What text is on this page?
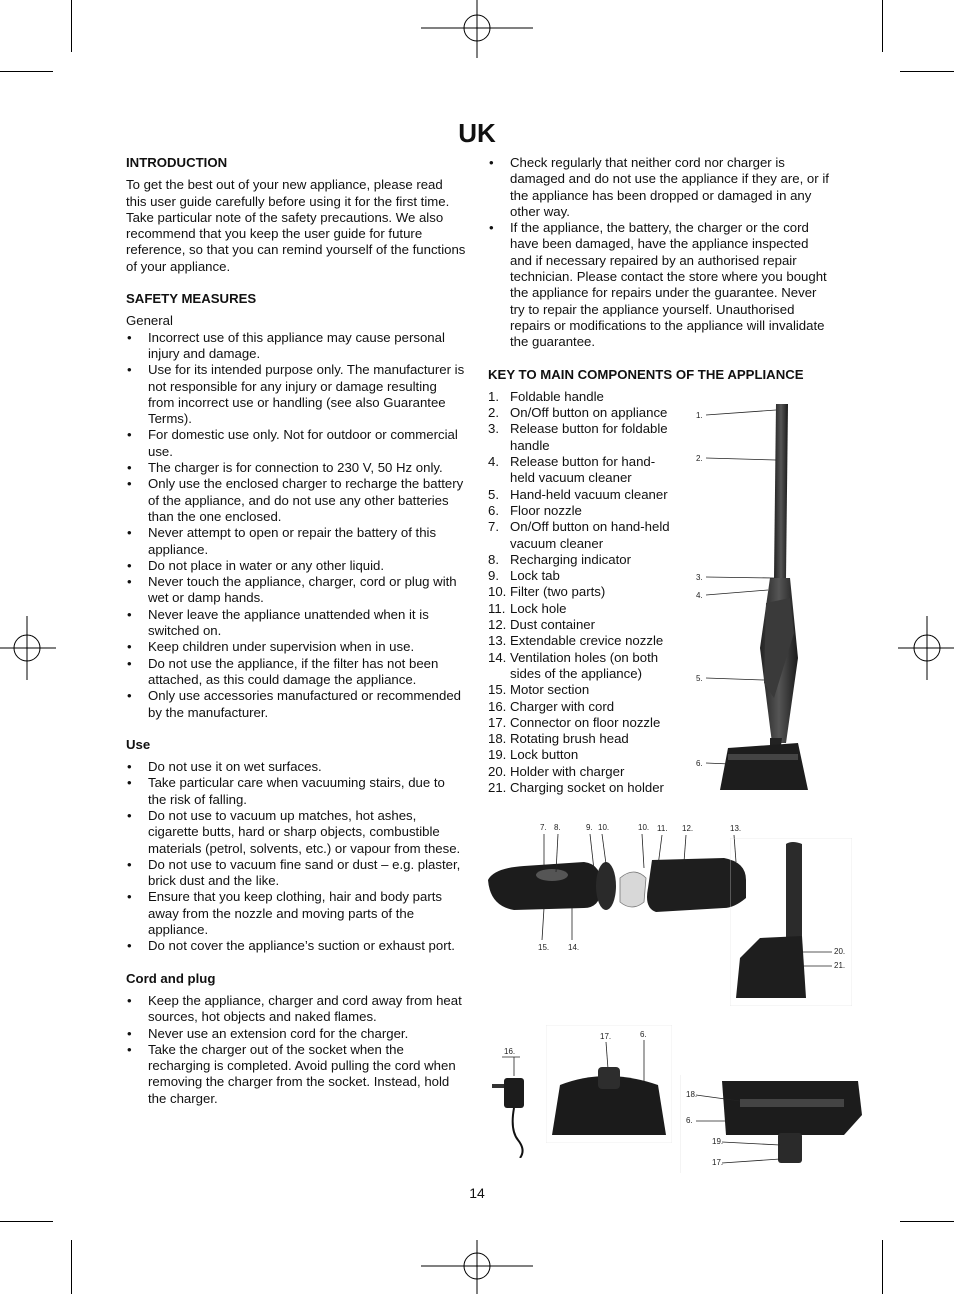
UK
INTRODUCTION
To get the best out of your new appliance, please read this user guide carefully before using it for the first time. Take particular note of the safety precautions. We also recommend that you keep the user guide for future reference, so that you can remind yourself of the functions of your appliance.
SAFETY MEASURES
General
• Incorrect use of this appliance may cause personal injury and damage.
• Use for its intended purpose only. The manufacturer is not responsible for any injury or damage resulting from incorrect use or handling (see also Guarantee Terms).
• For domestic use only. Not for outdoor or commercial use.
• The charger is for connection to 230 V, 50 Hz only.
• Only use the enclosed charger to recharge the battery of the appliance, and do not use any other batteries than the one enclosed.
• Never attempt to open or repair the battery of this appliance.
• Do not place in water or any other liquid.
• Never touch the appliance, charger, cord or plug with wet or damp hands.
• Never leave the appliance unattended when it is switched on.
• Keep children under supervision when in use.
• Do not use the appliance, if the filter has not been attached, as this could damage the appliance.
• Only use accessories manufactured or recommended by the manufacturer.
Use
• Do not use it on wet surfaces.
• Take particular care when vacuuming stairs, due to the risk of falling.
• Do not use to vacuum up matches, hot ashes, cigarette butts, hard or sharp objects, combustible materials (petrol, solvents, etc.) or vapour from these.
• Do not use to vacuum fine sand or dust – e.g. plaster, brick dust and the like.
• Ensure that you keep clothing, hair and body parts away from the nozzle and moving parts of the appliance.
• Do not cover the appliance’s suction or exhaust port.
Cord and plug
• Keep the appliance, charger and cord away from heat sources, hot objects and naked flames.
• Never use an extension cord for the charger.
• Take the charger out of the socket when the recharging is completed. Avoid pulling the cord when removing the charger from the socket. Instead, hold the charger.
• Check regularly that neither cord nor charger is damaged and do not use the appliance if they are, or if the appliance has been dropped or damaged in any other way.
• If the appliance, the battery, the charger or the cord have been damaged, have the appliance inspected and if necessary repaired by an authorised repair technician. Please contact the store where you bought the appliance for repairs under the guarantee. Never try to repair the appliance yourself. Unauthorised repairs or modifications to the appliance will invalidate the guarantee.
KEY TO MAIN COMPONENTS OF THE APPLIANCE
1. Foldable handle
2. On/Off button on appliance
3. Release button for foldable handle
4. Release button for hand-held vacuum cleaner
5. Hand-held vacuum cleaner
6. Floor nozzle
7. On/Off button on hand-held vacuum cleaner
8. Recharging indicator
9. Lock tab
10. Filter (two parts)
11. Lock hole
12. Dust container
13. Extendable crevice nozzle
14. Ventilation holes (on both sides of the appliance)
15. Motor section
16. Charger with cord
17. Connector on floor nozzle
18. Rotating brush head
19. Lock button
20. Holder with charger
21. Charging socket on holder
1.
2.
3.
4.
5.
6.
7. 8.	9. 10.	10. 11. 12.	13.
15. 14.	20.
21.
16.
17.	6.
18.
6.
19.
17.
14
